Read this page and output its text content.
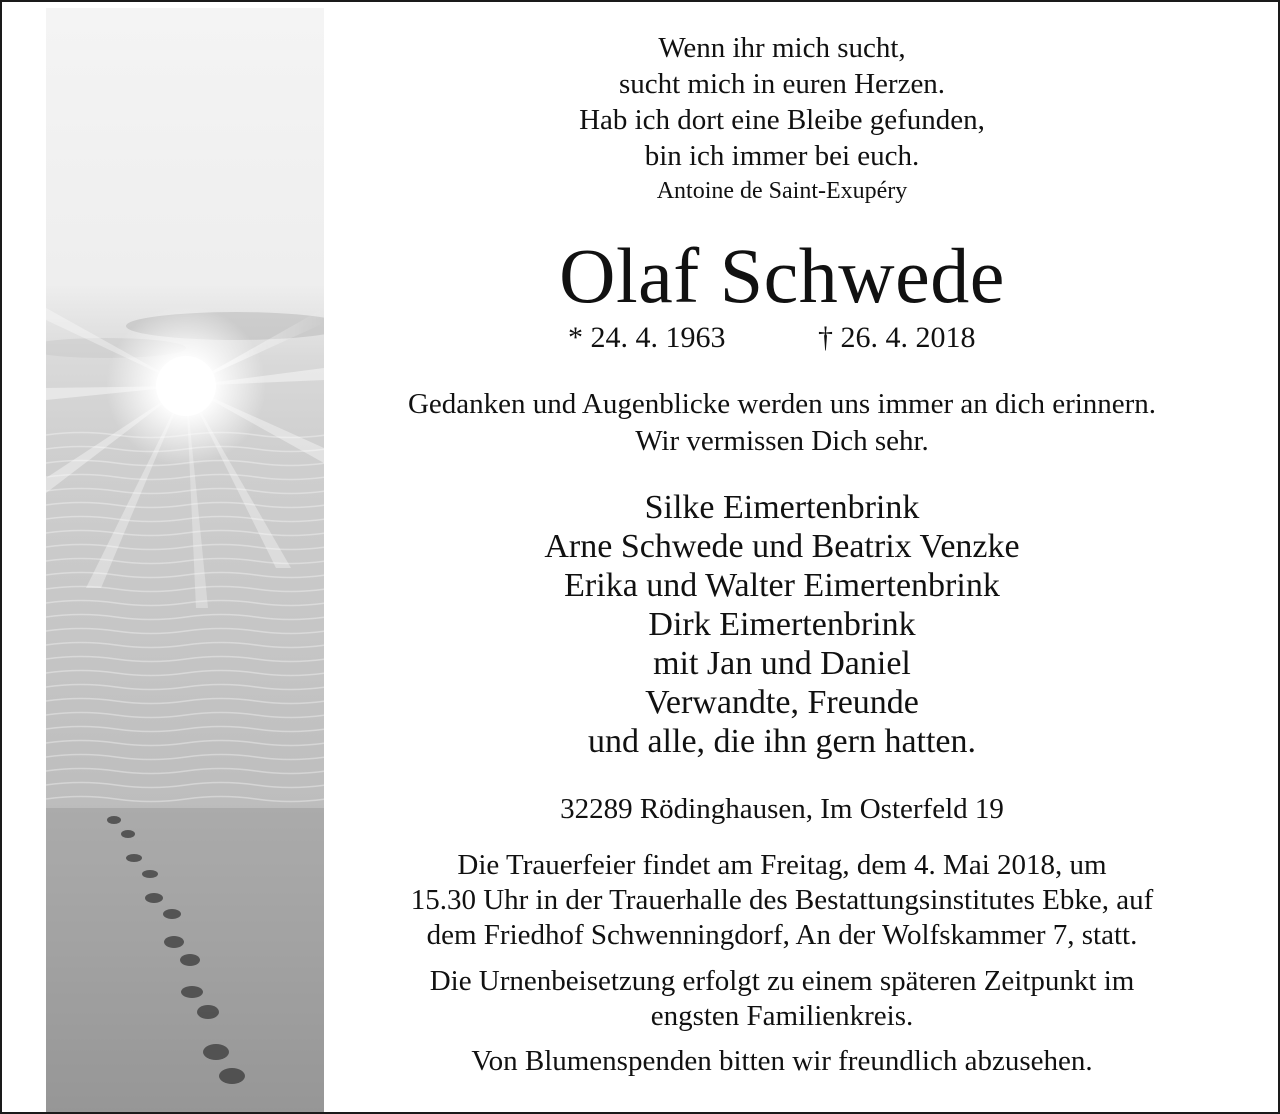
Wenn ihr mich sucht,
sucht mich in euren Herzen.
Hab ich dort eine Bleibe gefunden,
bin ich immer bei euch.
Antoine de Saint-Exupéry
Olaf Schwede
* 24. 4. 1963	† 26. 4. 2018
Gedanken und Augenblicke werden uns immer an dich erinnern.
Wir vermissen Dich sehr.
Silke Eimertenbrink
Arne Schwede und Beatrix Venzke
Erika und Walter Eimertenbrink
Dirk Eimertenbrink
mit Jan und Daniel
Verwandte, Freunde
und alle, die ihn gern hatten.
32289 Rödinghausen, Im Osterfeld 19
Die Trauerfeier findet am Freitag, dem 4. Mai 2018, um
15.30 Uhr in der Trauerhalle des Bestattungsinstitutes Ebke, auf
dem Friedhof Schwenningdorf, An der Wolfskammer 7, statt.
Die Urnenbeisetzung erfolgt zu einem späteren Zeitpunkt im
engsten Familienkreis.
Von Blumenspenden bitten wir freundlich abzusehen.
